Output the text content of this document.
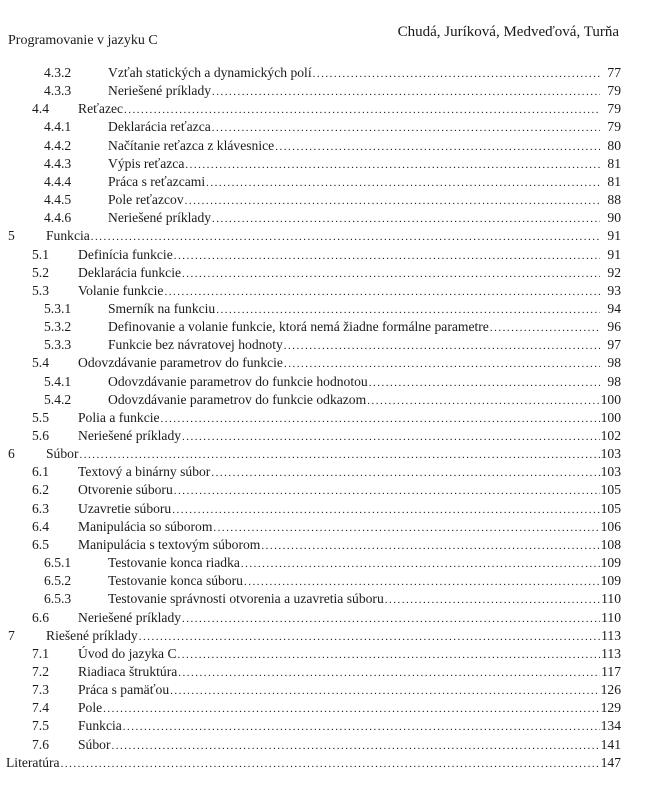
Programovanie v jazyku C
Chudá, Juríková, Medveďová, Turňa
4.3.2	Vzťah statických a dynamických polí .....	77
4.3.3	Neriešené príklady .....	79
4.4 Reťazec .....	79
4.4.1	Deklarácia reťazca .....	79
4.4.2	Načítanie reťazca z klávesnice .....	80
4.4.3	Výpis reťazca .....	81
4.4.4	Práca s reťazcami .....	81
4.4.5	Pole reťazcov .....	88
4.4.6	Neriešené príklady .....	90
5 Funkcia .....	91
5.1 Definícia funkcie .....	91
5.2 Deklarácia funkcie .....	92
5.3 Volanie funkcie .....	93
5.3.1	Smerník na funkciu .....	94
5.3.2	Definovanie a volanie funkcie, ktorá nemá žiadne formálne parametre .....	96
5.3.3	Funkcie bez návratovej hodnoty .....	97
5.4 Odovzdávanie parametrov do funkcie .....	98
5.4.1	Odovzdávanie parametrov do funkcie hodnotou .....	98
5.4.2	Odovzdávanie parametrov do funkcie odkazom .....	100
5.5 Polia a funkcie .....	100
5.6 Neriešené príklady .....	102
6 Súbor .....	103
6.1 Textový a binárny súbor .....	103
6.2 Otvorenie súboru .....	105
6.3 Uzavretie súboru .....	105
6.4 Manipulácia so súborom .....	106
6.5 Manipulácia s textovým súborom .....	108
6.5.1	Testovanie konca riadka .....	109
6.5.2	Testovanie konca súboru .....	109
6.5.3	Testovanie správnosti otvorenia a uzavretia súboru .....	110
6.6 Neriešené príklady .....	110
7 Riešené príklady .....	113
7.1 Úvod do jazyka C .....	113
7.2 Riadiaca štruktúra .....	117
7.3 Práca s pamäťou .....	126
7.4 Pole .....	129
7.5 Funkcia .....	134
7.6 Súbor .....	141
Literatúra .....	147
